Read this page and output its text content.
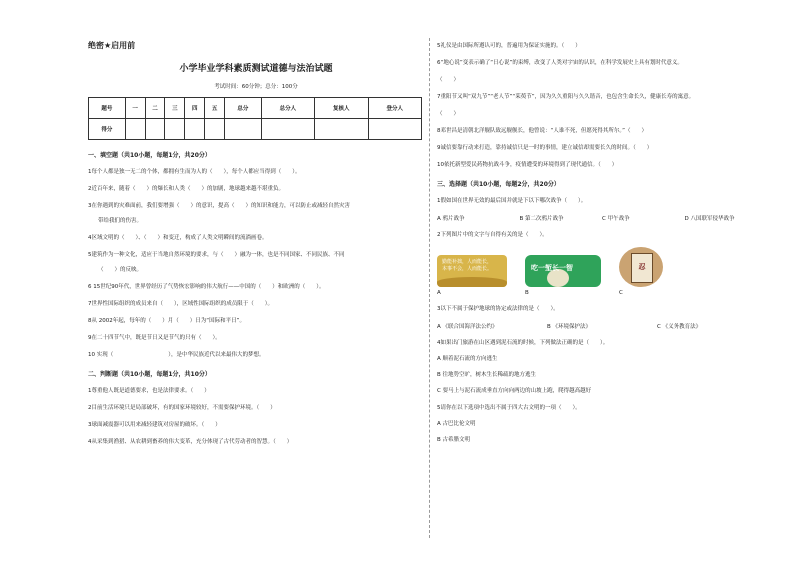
绝密★启用前
小学毕业学科素质测试道德与法治试题
考试时间：60分钟；总分：100分
题号	一	二	三	四	五	总分	总分人	复核人	登分人
得分									
一、填空题（共10小题，每题1分，共20分）
1每个人都是独一无二的个体，都拥有生而为人的（　　），每个人都应当得到（　　）。
2近百年来，随着（　　）的爆长和人类（　　）的加剧，地球越来越不堪重负。
3在你遇到的灾难面前，我们要增强（　　）的意识，提高（　　）的知识和能力，可以防止或减轻自然灾害
带给我们的伤害。
4区域文明的（　　）、（　　）和变迁，构成了人类文明瞬间的流淌画卷。
5建筑作为一种文化，适应于当地自然环境的要求，与（　　）融为一体，也是不同国家、不同民族、不同
（　　）的反映。
6 15世纪90年代，世界曾经历了气势恢宏影响的伟大航行——中国的（　　）和欧洲的（　　）。
7世界性国际组织的成员来自（　　），区域性国际组织的成员限于（　　）。
8从 2002年起，每年的（　　）月（　　）日为“国际和平日”。
9在二十四节气中，既是节日又是节气的只有（　　）。
10 实现（　　　　　　　　　　），是中华民族近代以来最伟大的梦想。
二、判断题（共10小题，每题1分，共10分）
1尊重他人既是道德要求，也是法律要求。（　　）
2目前生活环境只是局部破坏，有的国家环境较好，不需要保护环境。（　　）
3球面减震器可以用来减轻建筑对房屋的破坏。（　　）
4从采集到渔猎、从农耕到畜养的伟大变革，充分体现了古代劳动者的智慧。（　　）
5礼仪是由国际所遵认可的，普遍用为保证实施的。（　　）
6“地心说”变表示确了“日心说”的束缚，改变了人类对宇宙的认识，在科学发展史上具有划时代意义。
（　　）
7重阳节又叫“双九节”“老人节”“茱萸节”，因为久久重阳与久久谐音，也包含生命长久，健康长寿的寓意。
（　　）
8邓世昌是清朝北洋舰队致远舰舰长，他曾说：“人谁不死，但愿死得其所尔。”（　　）
9诚信要靠行动来打造，靠持诚信只是一时的事情，建立诚信却需要长久的时间。（　　）
10依托新型爱民药物抗战斗争，疫情遭受的环境得到了现代通信。（　　）
三、选择题（共10小题，每题2分，共20分）
1假如国在世界无效的最后国并就是下以下哪次战争（　　）。
A 鸦片战争	B 第二次鸦片战争	C 甲午战争	D 八国联军侵华战争
2下列图片中的文字与自得有关的是（　　）。
勤能补拙，人而能长，
本事不会，人而能长。
A
吃一堑长一智
B
忍
C
3以下不属于保护地球的协定或法律的是（　　）。
A 《联合国海洋法公约》	B 《环境保护法》	C 《义务教育法》
4如果出门旅游在山区遇到泥石流的时候，下列做法正确的是（　　）。
A 顺着泥石流的方向逃生
B 往地势空旷，树木生长稀疏的地方逃生
C 要马上与泥石流成垂直方向向两边的山坡上跑，爬得越高越好
5请你在以下选项中选出不属于四大古文明的一项（　　）。
A 古巴比伦文明
B 古希腊文明
